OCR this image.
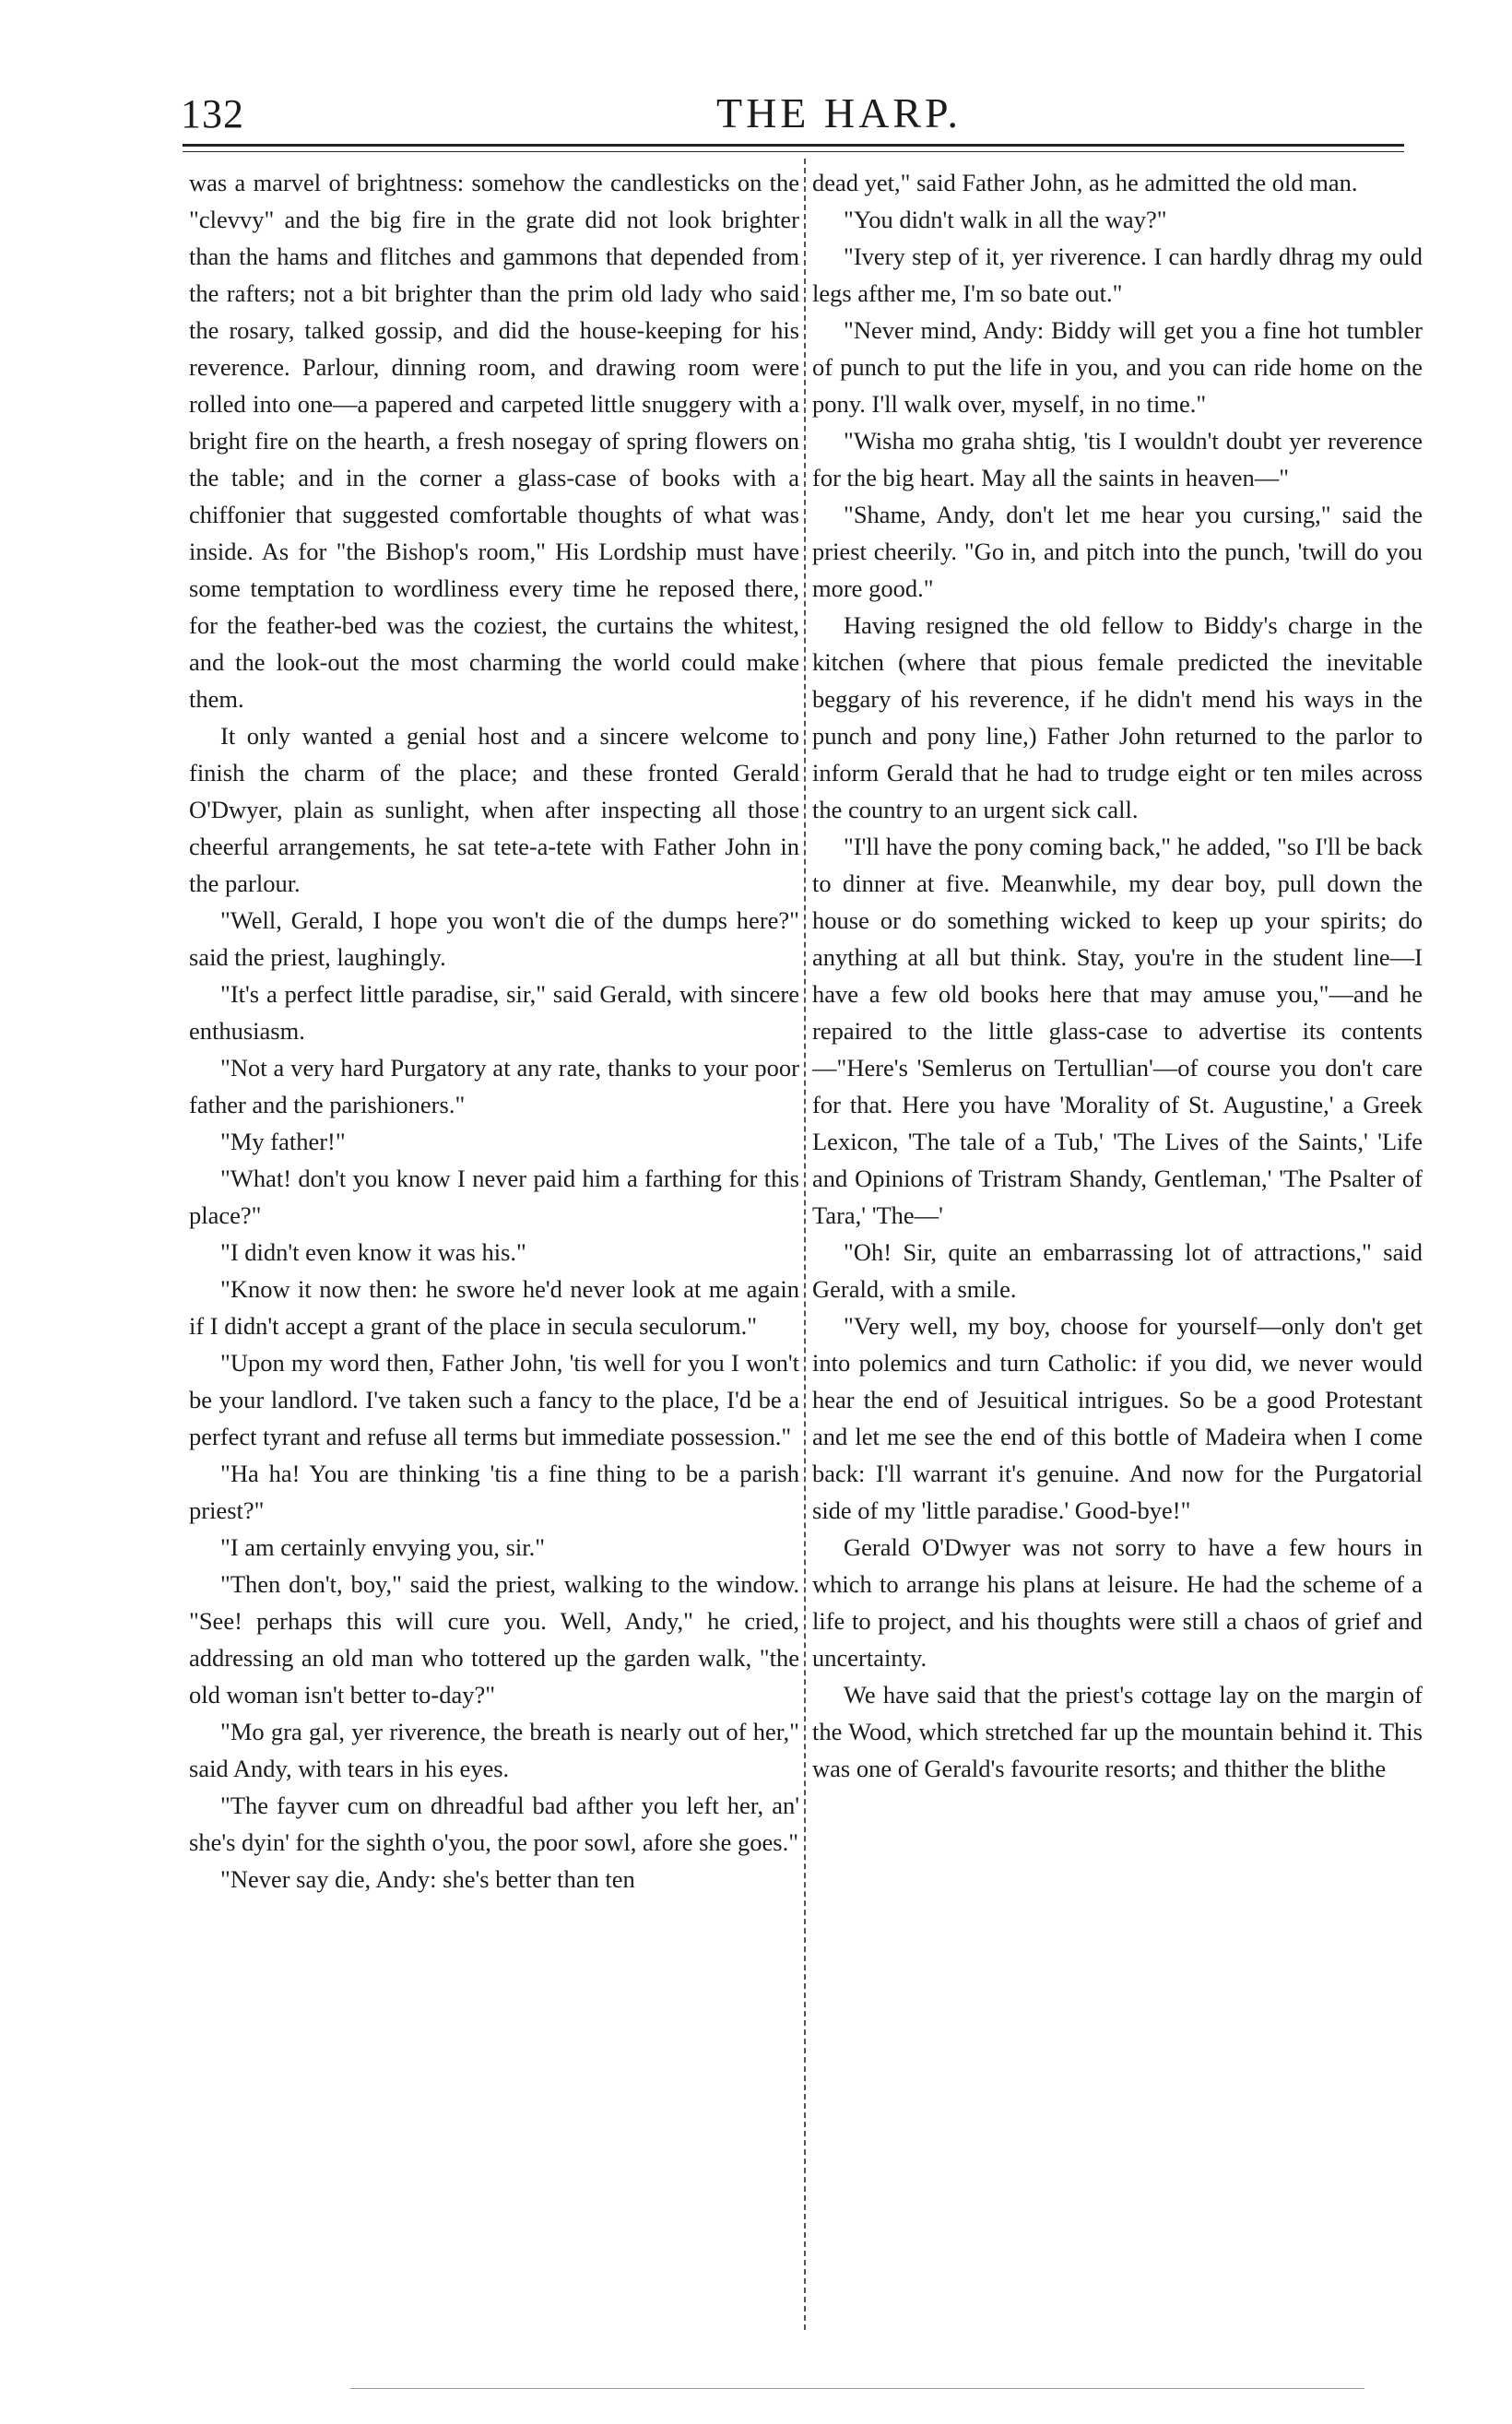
132	THE HARP.

was a marvel of brightness: somehow the candlesticks on the "clevvy" and the big fire in the grate did not look brighter than the hams and flitches and gammons that depended from the rafters; not a bit brighter than the prim old lady who said the rosary, talked gossip, and did the house-keeping for his reverence. Parlour, dinning room, and drawing room were rolled into one—a papered and carpeted little snuggery with a bright fire on the hearth, a fresh nosegay of spring flowers on the table; and in the corner a glass-case of books with a chiffonier that suggested comfortable thoughts of what was inside. As for "the Bishop's room," His Lordship must have some temptation to wordliness every time he reposed there, for the feather-bed was the coziest, the curtains the whitest, and the look-out the most charming the world could make them.

It only wanted a genial host and a sincere welcome to finish the charm of the place; and these fronted Gerald O'Dwyer, plain as sunlight, when after inspecting all those cheerful arrangements, he sat tete-a-tete with Father John in the parlour.

"Well, Gerald, I hope you won't die of the dumps here?" said the priest, laughingly.

"It's a perfect little paradise, sir," said Gerald, with sincere enthusiasm.

"Not a very hard Purgatory at any rate, thanks to your poor father and the parishioners."

"My father!"

"What! don't you know I never paid him a farthing for this place?"

"I didn't even know it was his."

"Know it now then: he swore he'd never look at me again if I didn't accept a grant of the place in secula seculorum."

"Upon my word then, Father John, 'tis well for you I won't be your landlord. I've taken such a fancy to the place, I'd be a perfect tyrant and refuse all terms but immediate possession."

"Ha ha! You are thinking 'tis a fine thing to be a parish priest?"

"I am certainly envying you, sir."

"Then don't, boy," said the priest, walking to the window. "See! perhaps this will cure you. Well, Andy," he cried, addressing an old man who tottered up the garden walk, "the old woman isn't better to-day?"

"Mo gra gal, yer riverence, the breath is nearly out of her," said Andy, with tears in his eyes.

"The fayver cum on dhreadful bad afther you left her, an' she's dyin' for the sighth o'you, the poor sowl, afore she goes."

"Never say die, Andy: she's better than ten

dead yet," said Father John, as he admitted the old man.

"You didn't walk in all the way?"

"Ivery step of it, yer riverence. I can hardly dhrag my ould legs afther me, I'm so bate out."

"Never mind, Andy: Biddy will get you a fine hot tumbler of punch to put the life in you, and you can ride home on the pony. I'll walk over, myself, in no time."

"Wisha mo graha shtig, 'tis I wouldn't doubt yer reverence for the big heart. May all the saints in heaven—"

"Shame, Andy, don't let me hear you cursing," said the priest cheerily. "Go in, and pitch into the punch, 'twill do you more good."

Having resigned the old fellow to Biddy's charge in the kitchen (where that pious female predicted the inevitable beggary of his reverence, if he didn't mend his ways in the punch and pony line,) Father John returned to the parlor to inform Gerald that he had to trudge eight or ten miles across the country to an urgent sick call.

"I'll have the pony coming back," he added, "so I'll be back to dinner at five. Meanwhile, my dear boy, pull down the house or do something wicked to keep up your spirits; do anything at all but think. Stay, you're in the student line—I have a few old books here that may amuse you,"—and he repaired to the little glass-case to advertise its contents—"Here's 'Semlerus on Tertullian'—of course you don't care for that. Here you have 'Morality of St. Augustine,' a Greek Lexicon, 'The tale of a Tub,' 'The Lives of the Saints,' 'Life and Opinions of Tristram Shandy, Gentleman,' 'The Psalter of Tara,' 'The—'

"Oh! Sir, quite an embarrassing lot of attractions," said Gerald, with a smile.

"Very well, my boy, choose for yourself—only don't get into polemics and turn Catholic: if you did, we never would hear the end of Jesuitical intrigues. So be a good Protestant and let me see the end of this bottle of Madeira when I come back: I'll warrant it's genuine. And now for the Purgatorial side of my 'little paradise.' Good-bye!"

Gerald O'Dwyer was not sorry to have a few hours in which to arrange his plans at leisure. He had the scheme of a life to project, and his thoughts were still a chaos of grief and uncertainty.

We have said that the priest's cottage lay on the margin of the Wood, which stretched far up the mountain behind it. This was one of Gerald's favourite resorts; and thither the blithe
